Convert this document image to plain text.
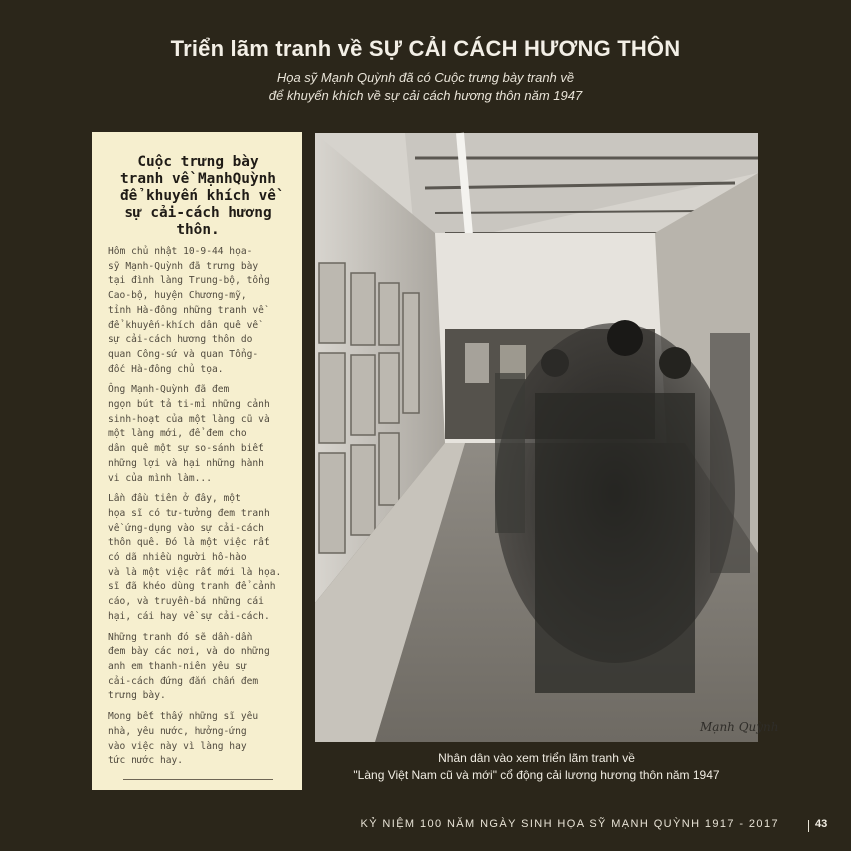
Triển lãm tranh về SỰ CẢI CÁCH HƯƠNG THÔN
Họa sỹ Mạnh Quỳnh đã có Cuộc trưng bày tranh về
để khuyến khích về sự cải cách hương thôn năm 1947
Cuộc trưng bày
tranh về MạnhQuỳnh
để khuyến khích về
sự cải-cách hương
thôn.
Hôm chủ nhật 10-9-44 họa-
sỹ Mạnh-Quỳnh đã trưng bày
tại đình làng Trung-bộ, tổng
Cao-bộ, huyện Chương-mỹ,
tỉnh Hà-đông những tranh về
để khuyến-khích dân quê về
sự cải-cách hương thôn do
quan Công-sứ và quan Tổng-
đốc Hà-đông chủ tọa.
Ông Mạnh-Quỳnh đã đem
ngọn bút tả ti-mỉ những cảnh
sinh-hoạt của một làng cũ và
một làng mới, để đem cho
dân quê một sự so-sánh biết
những lợi và hại những hành
vi của mình làm...
Lần đầu tiên ở đây, một
họa sĩ có tư-tưởng đem tranh
về ứng-dụng vào sự cải-cách
thôn quê. Đó là một việc rất
có dã nhiều người hô-hào
và là một việc rất mới là họa.
sĩ đã khéo dùng tranh để cảnh
cáo, và truyền-bá những cái
hại, cái hay về sự cải-cách.
Những tranh đó sẽ dần-dần
đem bày các nơi, và do những
anh em thanh-niên yêu sự
cải-cách đứng đắn chấn đem
trưng bày.
Mong bết thấy những sĩ yêu
nhà, yêu nước, hưởng-ứng
vào việc này vì làng hay
tức nước hay.
Mạnh Quỳnh
Nhân dân vào xem triển lãm tranh về
"Làng Việt Nam cũ và mới" cổ động cải lương hương thôn năm 1947
KỶ NIỆM 100 NĂM NGÀY SINH HỌA SỸ MẠNH QUỲNH 1917 - 2017	43
